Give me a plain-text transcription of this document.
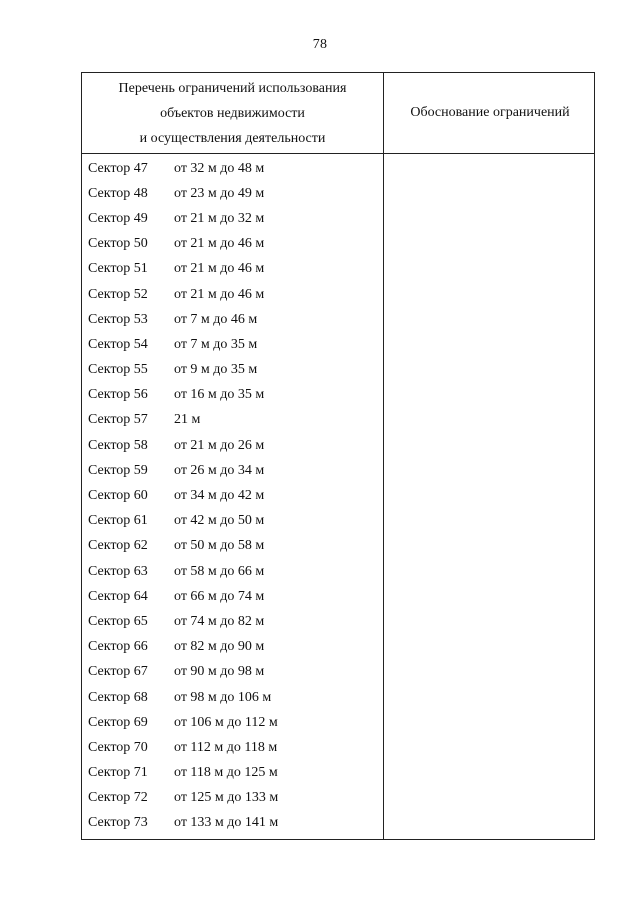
78
Перечень ограничений использования
объектов недвижимости
и осуществления деятельности
Обоснование ограничений
Сектор 47	от 32 м до 48 м
Сектор 48	от 23 м до 49 м
Сектор 49	от 21 м до 32 м
Сектор 50	от 21 м до 46 м
Сектор 51	от 21 м до 46 м
Сектор 52	от 21 м до 46 м
Сектор 53	от 7 м до 46 м
Сектор 54	от 7 м до 35 м
Сектор 55	от 9 м до 35 м
Сектор 56	от 16 м до 35 м
Сектор 57	21 м
Сектор 58	от 21 м до 26 м
Сектор 59	от 26 м до 34 м
Сектор 60	от 34 м до 42 м
Сектор 61	от 42 м до 50 м
Сектор 62	от 50 м до 58 м
Сектор 63	от 58 м до 66 м
Сектор 64	от 66 м до 74 м
Сектор 65	от 74 м до 82 м
Сектор 66	от 82 м до 90 м
Сектор 67	от 90 м до 98 м
Сектор 68	от 98 м до 106 м
Сектор 69	от 106 м до 112 м
Сектор 70	от 112 м до 118 м
Сектор 71	от 118 м до 125 м
Сектор 72	от 125 м до 133 м
Сектор 73	от 133 м до 141 м
